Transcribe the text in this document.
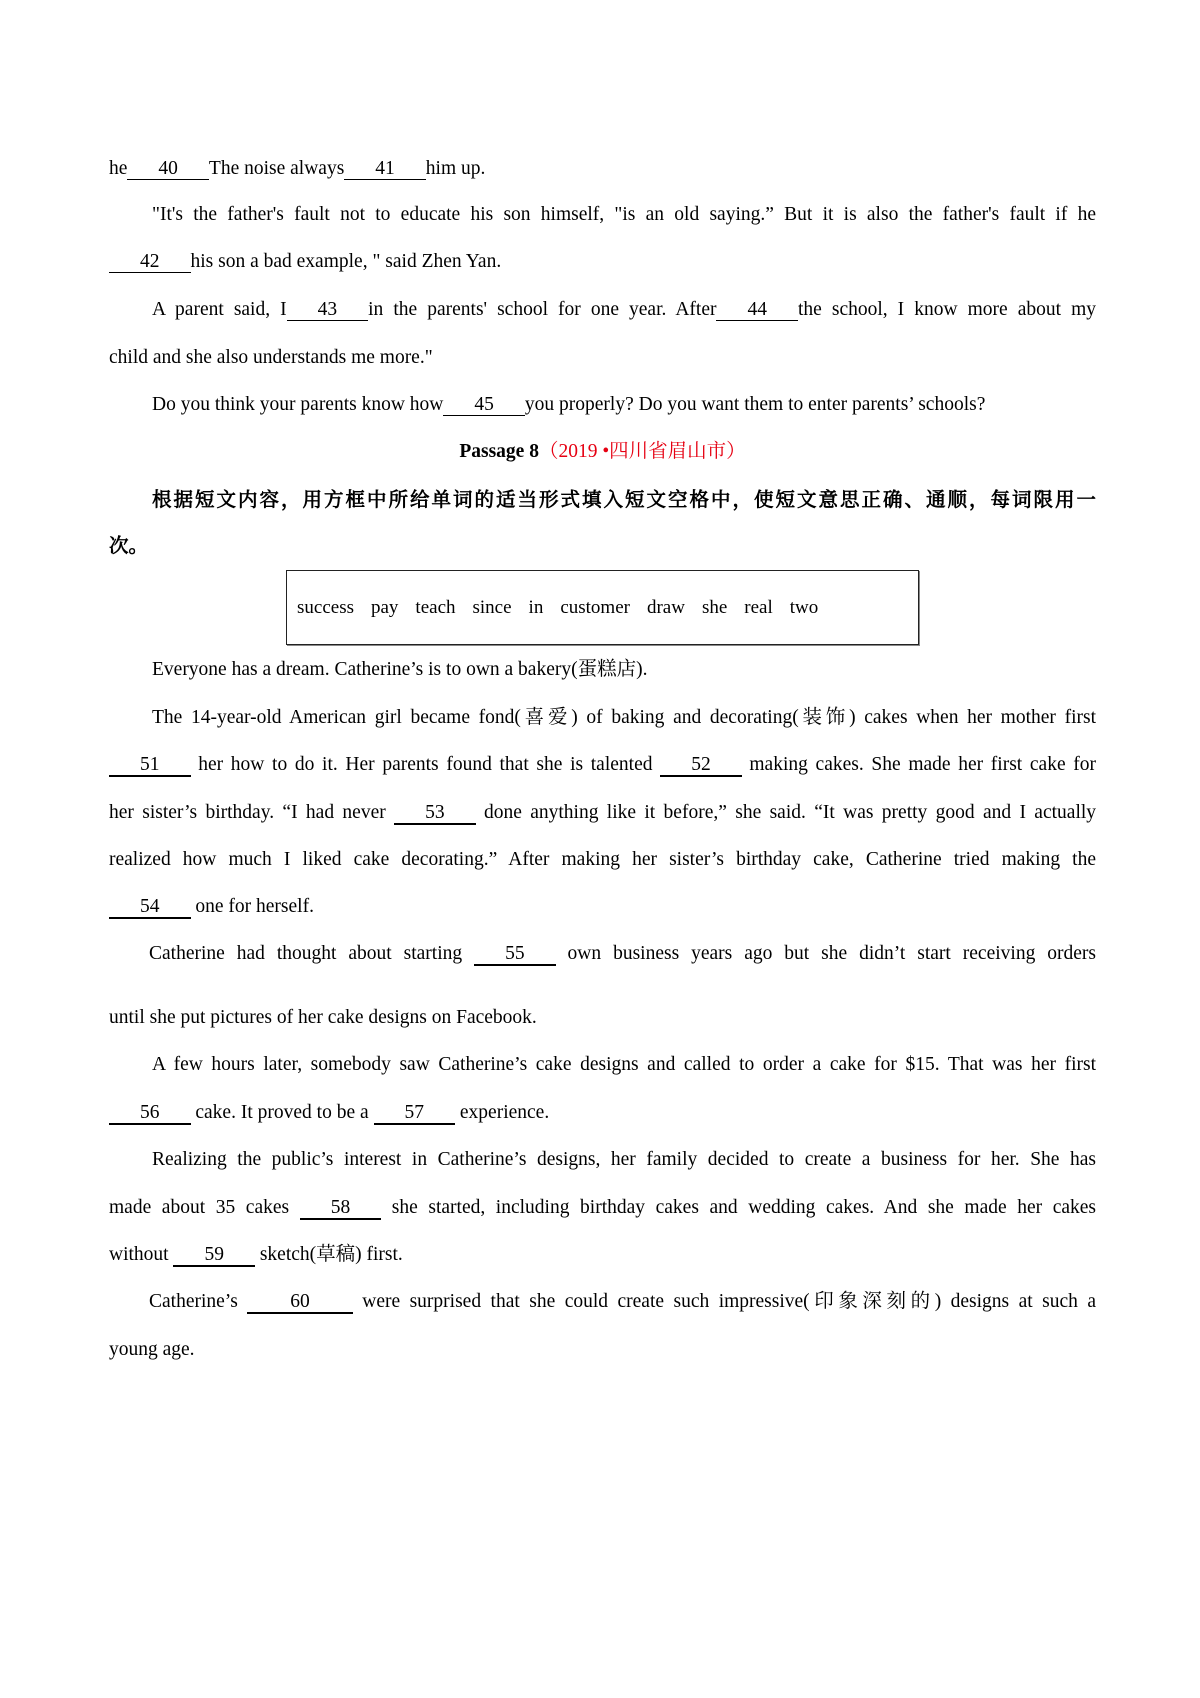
he 40 The noise always 41 him up.
"It's the father's fault not to educate his son himself, "is an old saying.” But it is also the father's fault if he
42 his son a bad example, " said Zhen Yan.
A parent said, I 43 in the parents' school for one year. After 44 the school, I know more about my
child and she also understands me more."
Do you think your parents know how 45 you properly? Do you want them to enter parents’ schools?
Passage 8（2019 •四川省眉山市）
根据短文内容，用方框中所给单词的适当形式填入短文空格中，使短文意思正确、通顺，每词限用一
次。
success pay teach since in customer draw she real two
Everyone has a dream. Catherine’s is to own a bakery(蛋糕店).
The 14-year-old American girl became fond(喜爱) of baking and decorating(装饰) cakes when her mother first
51 her how to do it. Her parents found that she is talented 52 making cakes. She made her first cake for
her sister’s birthday. “I had never 53 done anything like it before,” she said. “It was pretty good and I actually
realized how much I liked cake decorating.” After making her sister’s birthday cake, Catherine tried making the
54 one for herself.
Catherine had thought about starting 55 own business years ago but she didn’t start receiving orders
until she put pictures of her cake designs on Facebook.
A few hours later, somebody saw Catherine’s cake designs and called to order a cake for $15. That was her first
56 cake. It proved to be a 57 experience.
Realizing the public’s interest in Catherine’s designs, her family decided to create a business for her. She has
made about 35 cakes 58 she started, including birthday cakes and wedding cakes. And she made her cakes
without 59 sketch(草稿) first.
Catherine’s	60	were surprised that she could create such impressive(印象深刻的) designs at such a
young age.
